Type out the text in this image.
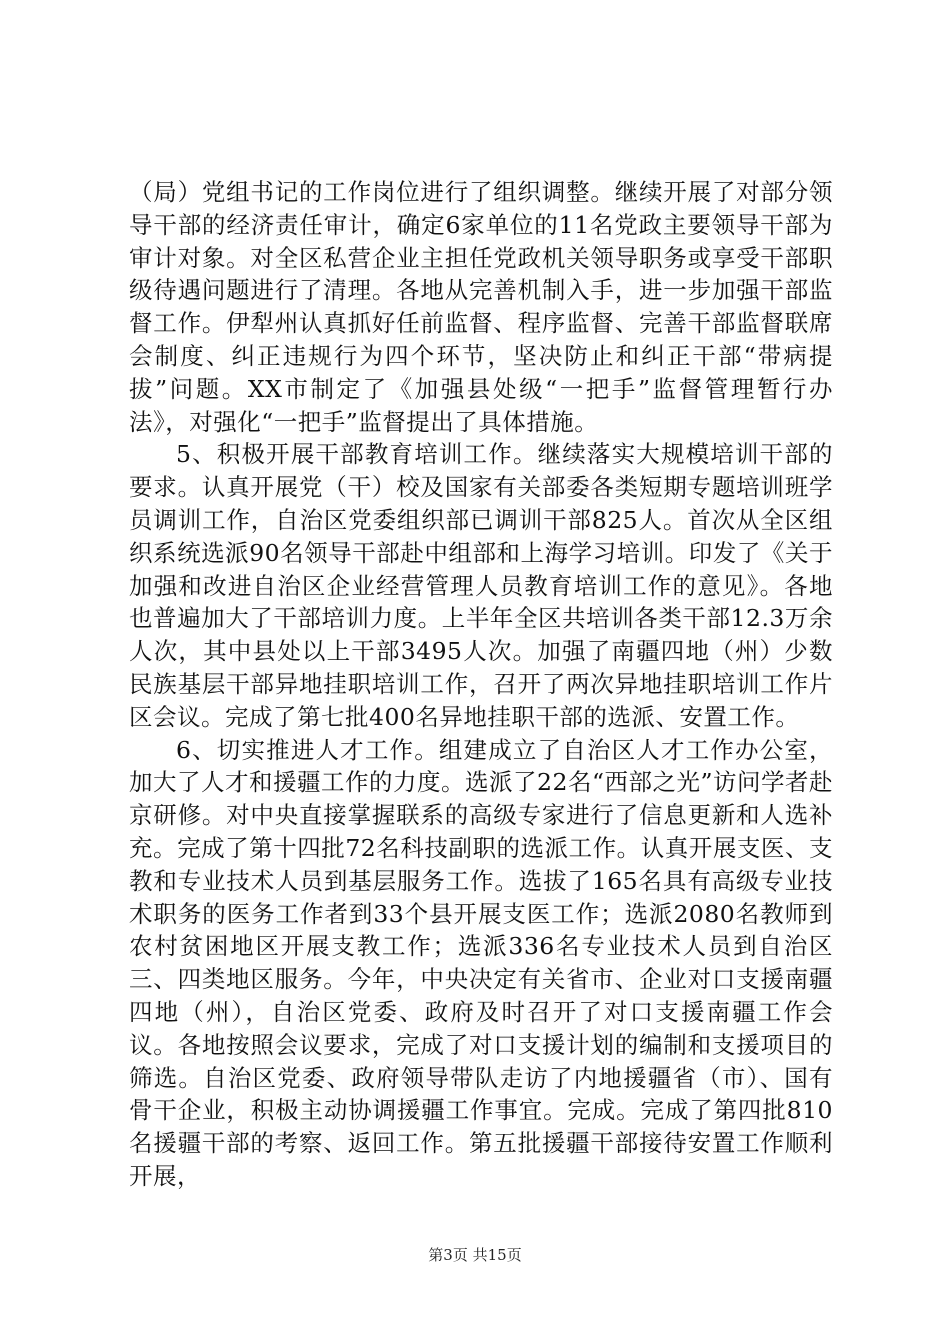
（局）党组书记的工作岗位进行了组织调整。继续开展了对部分领导干部的经济责任审计，确定6家单位的11名党政主要领导干部为审计对象。对全区私营企业主担任党政机关领导职务或享受干部职级待遇问题进行了清理。各地从完善机制入手，进一步加强干部监督工作。伊犁州认真抓好任前监督、程序监督、完善干部监督联席会制度、纠正违规行为四个环节，坚决防止和纠正干部“带病提拔”问题。XX市制定了《加强县处级“一把手”监督管理暂行办法》，对强化“一把手”监督提出了具体措施。

5、积极开展干部教育培训工作。继续落实大规模培训干部的要求。认真开展党（干）校及国家有关部委各类短期专题培训班学员调训工作，自治区党委组织部已调训干部825人。首次从全区组织系统选派90名领导干部赴中组部和上海学习培训。印发了《关于加强和改进自治区企业经营管理人员教育培训工作的意见》。各地也普遍加大了干部培训力度。上半年全区共培训各类干部12.3万余人次，其中县处以上干部3495人次。加强了南疆四地（州）少数民族基层干部异地挂职培训工作，召开了两次异地挂职培训工作片区会议。完成了第七批400名异地挂职干部的选派、安置工作。

6、切实推进人才工作。组建成立了自治区人才工作办公室，加大了人才和援疆工作的力度。选派了22名“西部之光”访问学者赴京研修。对中央直接掌握联系的高级专家进行了信息更新和人选补充。完成了第十四批72名科技副职的选派工作。认真开展支医、支教和专业技术人员到基层服务工作。选拔了165名具有高级专业技术职务的医务工作者到33个县开展支医工作；选派2080名教师到农村贫困地区开展支教工作；选派336名专业技术人员到自治区三、四类地区服务。今年，中央决定有关省市、企业对口支援南疆四地（州），自治区党委、政府及时召开了对口支援南疆工作会议。各地按照会议要求，完成了对口支援计划的编制和支援项目的筛选。自治区党委、政府领导带队走访了内地援疆省（市）、国有骨干企业，积极主动协调援疆工作事宜。完成。完成了第四批810名援疆干部的考察、返回工作。第五批援疆干部接待安置工作顺利开展，

第3页 共15页
